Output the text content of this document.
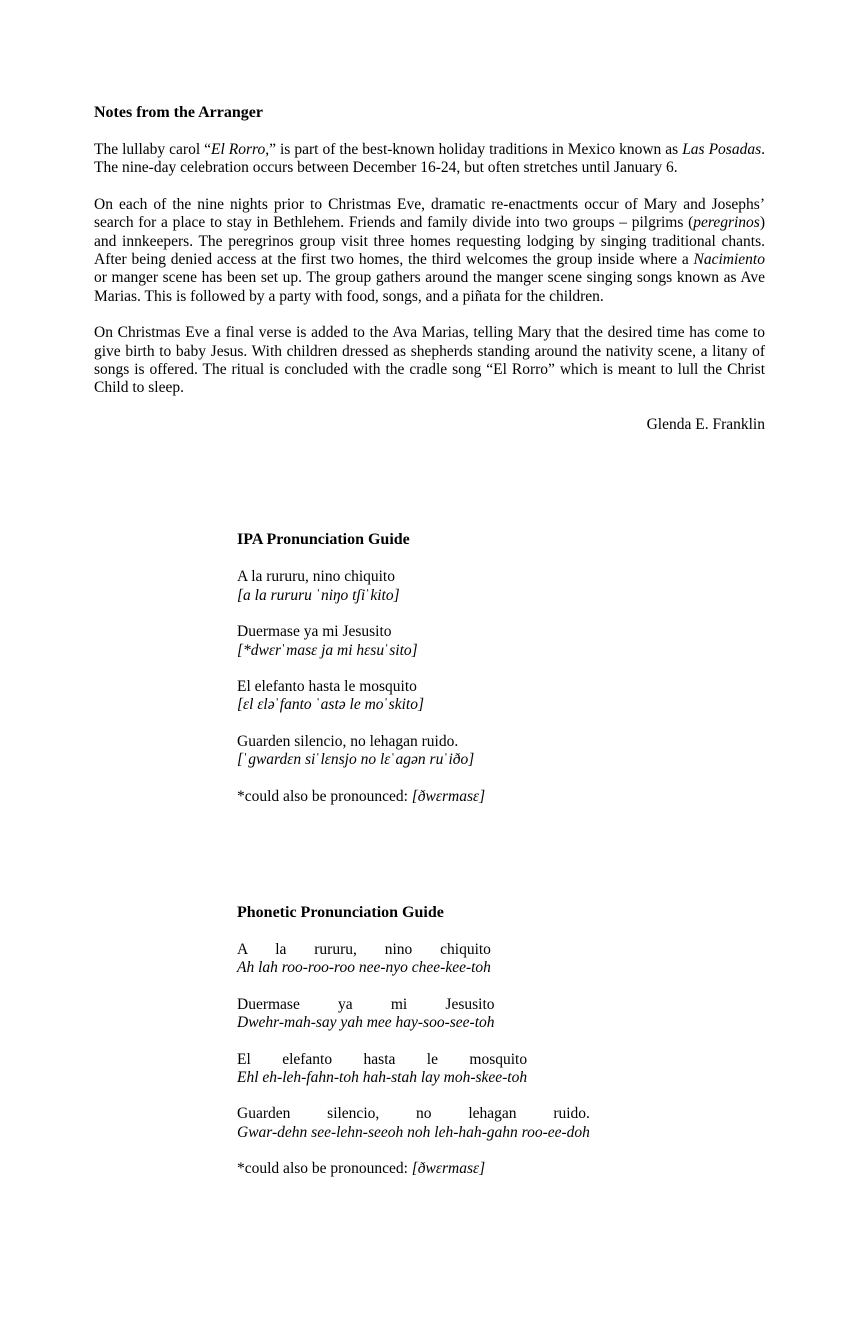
Notes from the Arranger

The lullaby carol “El Rorro,” is part of the best-known holiday traditions in Mexico known as Las Posadas. The nine-day celebration occurs between December 16-24, but often stretches until January 6.

On each of the nine nights prior to Christmas Eve, dramatic re-enactments occur of Mary and Josephs’ search for a place to stay in Bethlehem. Friends and family divide into two groups – pilgrims (peregrinos) and innkeepers. The peregrinos group visit three homes requesting lodging by singing traditional chants. After being denied access at the first two homes, the third welcomes the group inside where a Nacimiento or manger scene has been set up. The group gathers around the manger scene singing songs known as Ave Marias. This is followed by a party with food, songs, and a piñata for the children.

On Christmas Eve a final verse is added to the Ava Marias, telling Mary that the desired time has come to give birth to baby Jesus. With children dressed as shepherds standing around the nativity scene, a litany of songs is offered. The ritual is concluded with the cradle song “El Rorro” which is meant to lull the Christ Child to sleep.

Glenda E. Franklin

IPA Pronunciation Guide
A la rururu, nino chiquito
[a la rururu ˈniŋo tʃiˈkito]
Duermase ya mi Jesusito
[*dwɛrˈmasɛ ja mi hɛsuˈsito]
El elefanto hasta le mosquito
[ɛl ɛləˈfanto ˈastə le moˈskito]
Guarden silencio, no lehagan ruido.
[ˈgwardɛn siˈlɛnsjo no lɛˈagən ruˈiðo]
*could also be pronounced: [ðwɛrmasɛ]
Phonetic Pronunciation Guide
A la rururu, nino chiquito
Ah lah roo-roo-roo nee-nyo chee-kee-toh
Duermase ya mi Jesusito
Dwehr-mah-say yah mee hay-soo-see-toh
El elefanto hasta le mosquito
Ehl eh-leh-fahn-toh hah-stah lay moh-skee-toh
Guarden silencio, no lehagan ruido.
Gwar-dehn see-lehn-seeoh noh leh-hah-gahn roo-ee-doh
*could also be pronounced: [ðwɛrmasɛ]
